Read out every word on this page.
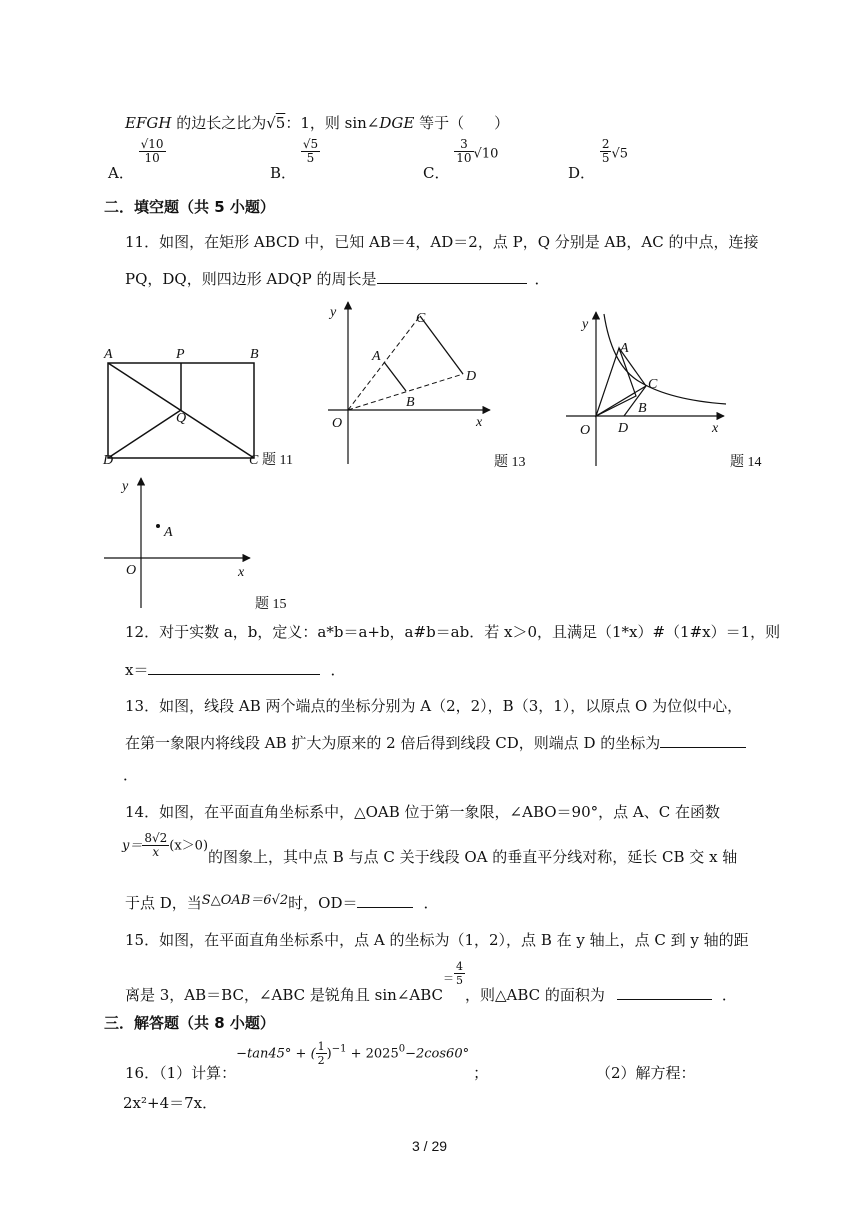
EFGH 的边长之比为√5：1，则 sin∠DGE 等于（　　）
A．
$\frac{√10}{10}$
B．
$\frac{√5}{5}$
C．
$\frac{3}{10} √10$
D．
$\frac{2}{5} √5$
二．填空题（共 5 小题）
11．如图，在矩形 ABCD 中，已知 AB＝4，AD＝2，点 P，Q 分别是 AB，AC 的中点，连接
PQ，DQ，则四边形 ADQP 的周长是	．
A	P	B
Q
D	C 题 11
y
x
O
A
B
C
D
题 13
y
x
O
A
B
C
D
题 14
y
x
O
A
题 15
12．对于实数 a，b，定义：a*b＝a+b，a#b＝ab．若 x＞0，且满足（1*x）#（1#x）＝1，则
x＝	．
13．如图，线段 AB 两个端点的坐标分别为 A（2，2），B（3，1），以原点 O 为位似中心，
在第一象限内将线段 AB 扩大为原来的 2 倍后得到线段 CD，则端点 D 的坐标为
．
14．如图，在平面直角坐标系中，△OAB 位于第一象限，∠ABO＝90°，点 A、C 在函数
$y= \frac{8√2}{x} (x>0)$的图象上，其中点 B 与点 C 关于线段 OA 的垂直平分线对称，延长 CB 交 x 轴
于点 D，当S△OAB＝6√2时，OD＝	．
15．如图，在平面直角坐标系中，点 A 的坐标为（1，2），点 B 在 y 轴上，点 C 到 y 轴的距
离是 3，AB＝BC，∠ABC 是锐角且 $\sin\angle ABC_= \frac{4}{5}$
，则△ABC 的面积为	．
三．解答题（共 8 小题）
16．（1）计算：−tan45° + ( $\frac{1}{2} )^{-1} + 2025^0-2\cos 60^\circ$；	（2）解方程：
2x²+4＝7x．
3 / 29
